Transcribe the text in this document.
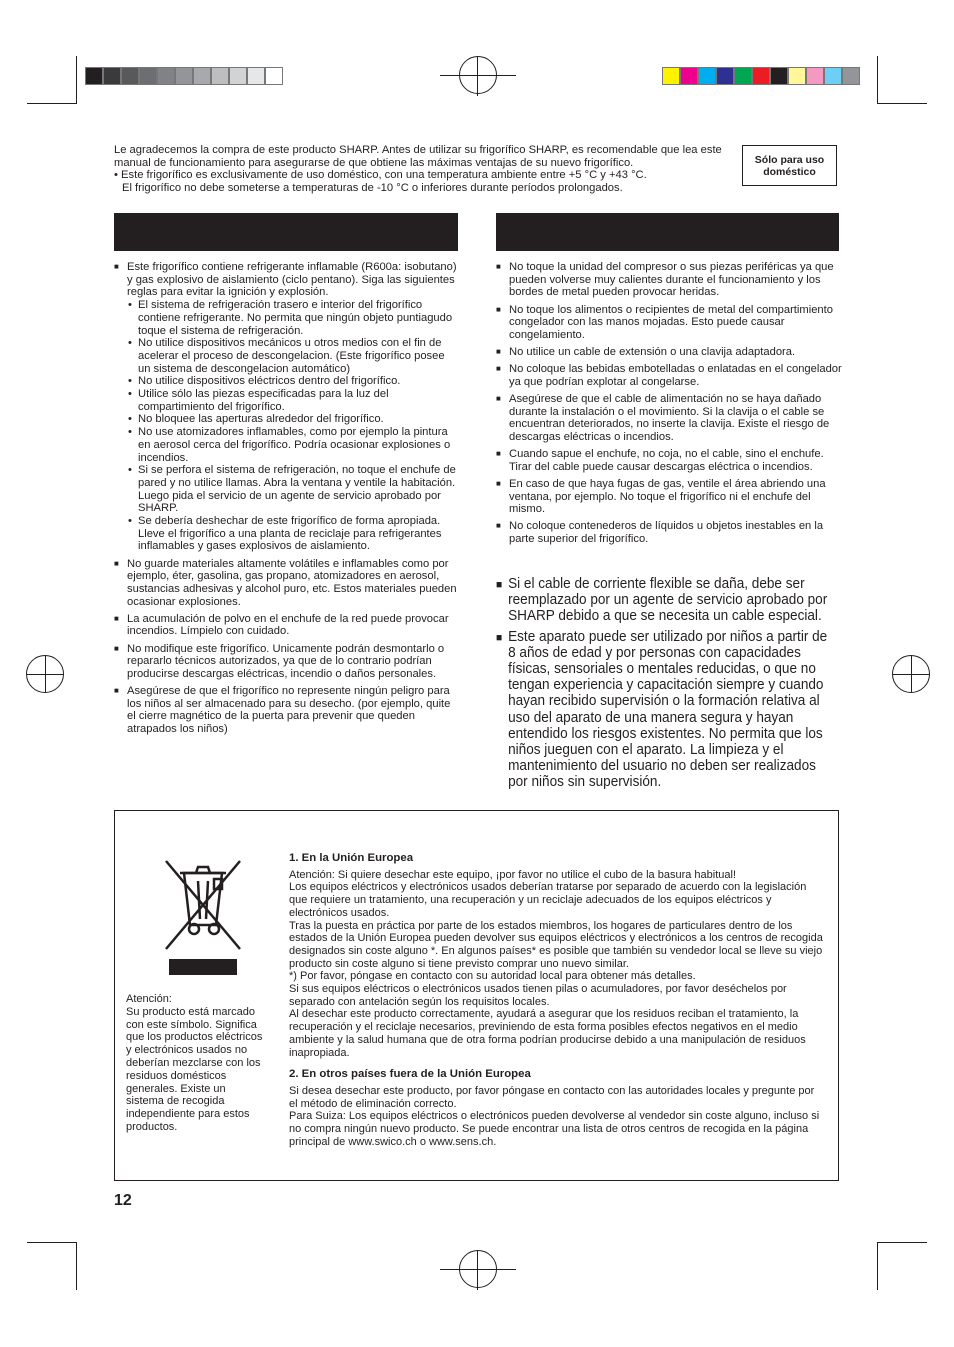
Le agradecemos la compra de este producto SHARP. Antes de utilizar su frigorífico SHARP, es recomendable que lea este manual de funcionamiento para asegurarse de que obtiene las máximas ventajas de su nuevo frigorífico.

• Este frigorífico es exclusivamente de uso doméstico, con una temperatura ambiente entre +5 °C y +43 °C.

El frigorífico no debe someterse a temperaturas de -10 °C o inferiores durante períodos prolongados.

Sólo para uso doméstico
■ Este frigorífico contiene refrigerante inflamable (R600a: isobutano) y gas explosivo de aislamiento (ciclo pentano). Siga las siguientes reglas para evitar la ignición y explosión.
• El sistema de refrigeración trasero e interior del frigorífico contiene refrigerante. No permita que ningún objeto puntiagudo toque el sistema de refrigeración.
• No utilice dispositivos mecánicos u otros medios con el fin de acelerar el proceso de descongelacion. (Este frigorífico posee un sistema de descongelacion automático)
• No utilice dispositivos eléctricos dentro del frigorífico.
• Utilice sólo las piezas especificadas para la luz del compartimiento del frigorífico.
• No bloquee las aperturas alrededor del frigorífico.
• No use atomizadores inflamables, como por ejemplo la pintura en aerosol cerca del frigorífico. Podría ocasionar explosiones o incendios.
• Si se perfora el sistema de refrigeración, no toque el enchufe de pared y no utilice llamas. Abra la ventana y ventile la habitación. Luego pida el servicio de un agente de servicio aprobado por SHARP.
• Se debería deshechar de este frigorífico de forma apropiada. Lleve el frigorífico a una planta de reciclaje para refrigerantes inflamables y gases explosivos de aislamiento.
■ No guarde materiales altamente volátiles e inflamables como por ejemplo, éter, gasolina, gas propano, atomizadores en aerosol, sustancias adhesivas y alcohol puro, etc. Estos materiales pueden ocasionar explosiones.
■ La acumulación de polvo en el enchufe de la red puede provocar incendios. Límpielo con cuidado.
■ No modifique este frigorífico. Unicamente podrán desmontarlo o repararlo técnicos autorizados, ya que de lo contrario podrían producirse descargas eléctricas, incendio o daños personales.
■ Asegúrese de que el frigorífico no represente ningún peligro para los niños al ser almacenado para su desecho. (por ejemplo, quite el cierre magnético de la puerta para prevenir que queden atrapados los niños)
■ No toque la unidad del compresor o sus piezas periféricas ya que pueden volverse muy calientes durante el funcionamiento y los bordes de metal pueden provocar heridas.
■ No toque los alimentos o recipientes de metal del compartimiento congelador con las manos mojadas. Esto puede causar congelamiento.
■ No utilice un cable de extensión o una clavija adaptadora.
■ No coloque las bebidas embotelladas o enlatadas en el congelador ya que podrían explotar al congelarse.
■ Asegúrese de que el cable de alimentación no se haya dañado durante la instalación o el movimiento. Si la clavija o el cable se encuentran deteriorados, no inserte la clavija. Existe el riesgo de descargas eléctricas o incendios.
■ Cuando sapue el enchufe, no coja, no el cable, sino el enchufe. Tirar del cable puede causar descargas eléctrica o incendios.
■ En caso de que haya fugas de gas, ventile el área abriendo una ventana, por ejemplo. No toque el frigorífico ni el enchufe del mismo.
■ No coloque contenederos de líquidos u objetos inestables en la parte superior del frigorífico.
■ Si el cable de corriente flexible se daña, debe ser reemplazado por un agente de servicio aprobado por SHARP debido a que se necesita un cable especial.
■ Este aparato puede ser utilizado por niños a partir de 8 años de edad y por personas con capacidades físicas, sensoriales o mentales reducidas, o que no tengan experiencia y capacitación siempre y cuando hayan recibido supervisión o la formación relativa al uso del aparato de una manera segura y hayan entendido los riesgos existentes. No permita que los niños jueguen con el aparato. La limpieza y el mantenimiento del usuario no deben ser realizados por niños sin supervisión.
Atención:
Su producto está marcado con este símbolo. Significa que los productos eléctricos y electrónicos usados no deberían mezclarse con los residuos domésticos generales. Existe un sistema de recogida independiente para estos productos.
1. En la Unión Europea

Atención: Si quiere desechar este equipo, ¡por favor no utilice el cubo de la basura habitual!

Los equipos eléctricos y electrónicos usados deberían tratarse por separado de acuerdo con la legislación que requiere un tratamiento, una recuperación y un reciclaje adecuados de los equipos eléctricos y electrónicos usados.

Tras la puesta en práctica por parte de los estados miembros, los hogares de particulares dentro de los estados de la Unión Europea pueden devolver sus equipos eléctricos y electrónicos a los centros de recogida designados sin coste alguno *. En algunos países* es posible que también su vendedor local se lleve su viejo producto sin coste alguno si tiene previsto comprar uno nuevo similar.

*) Por favor, póngase en contacto con su autoridad local para obtener más detalles.

Si sus equipos eléctricos o electrónicos usados tienen pilas o acumuladores, por favor deséchelos por separado con antelación según los requisitos locales.

Al desechar este producto correctamente, ayudará a asegurar que los residuos reciban el tratamiento, la recuperación y el reciclaje necesarios, previniendo de esta forma posibles efectos negativos en el medio ambiente y la salud humana que de otra forma podrían producirse debido a una manipulación de residuos inapropiada.

2. En otros países fuera de la Unión Europea

Si desea desechar este producto, por favor póngase en contacto con las autoridades locales y pregunte por el método de eliminación correcto.

Para Suiza: Los equipos eléctricos o electrónicos pueden devolverse al vendedor sin coste alguno, incluso si no compra ningún nuevo producto. Se puede encontrar una lista de otros centros de recogida en la página principal de www.swico.ch o www.sens.ch.

12
